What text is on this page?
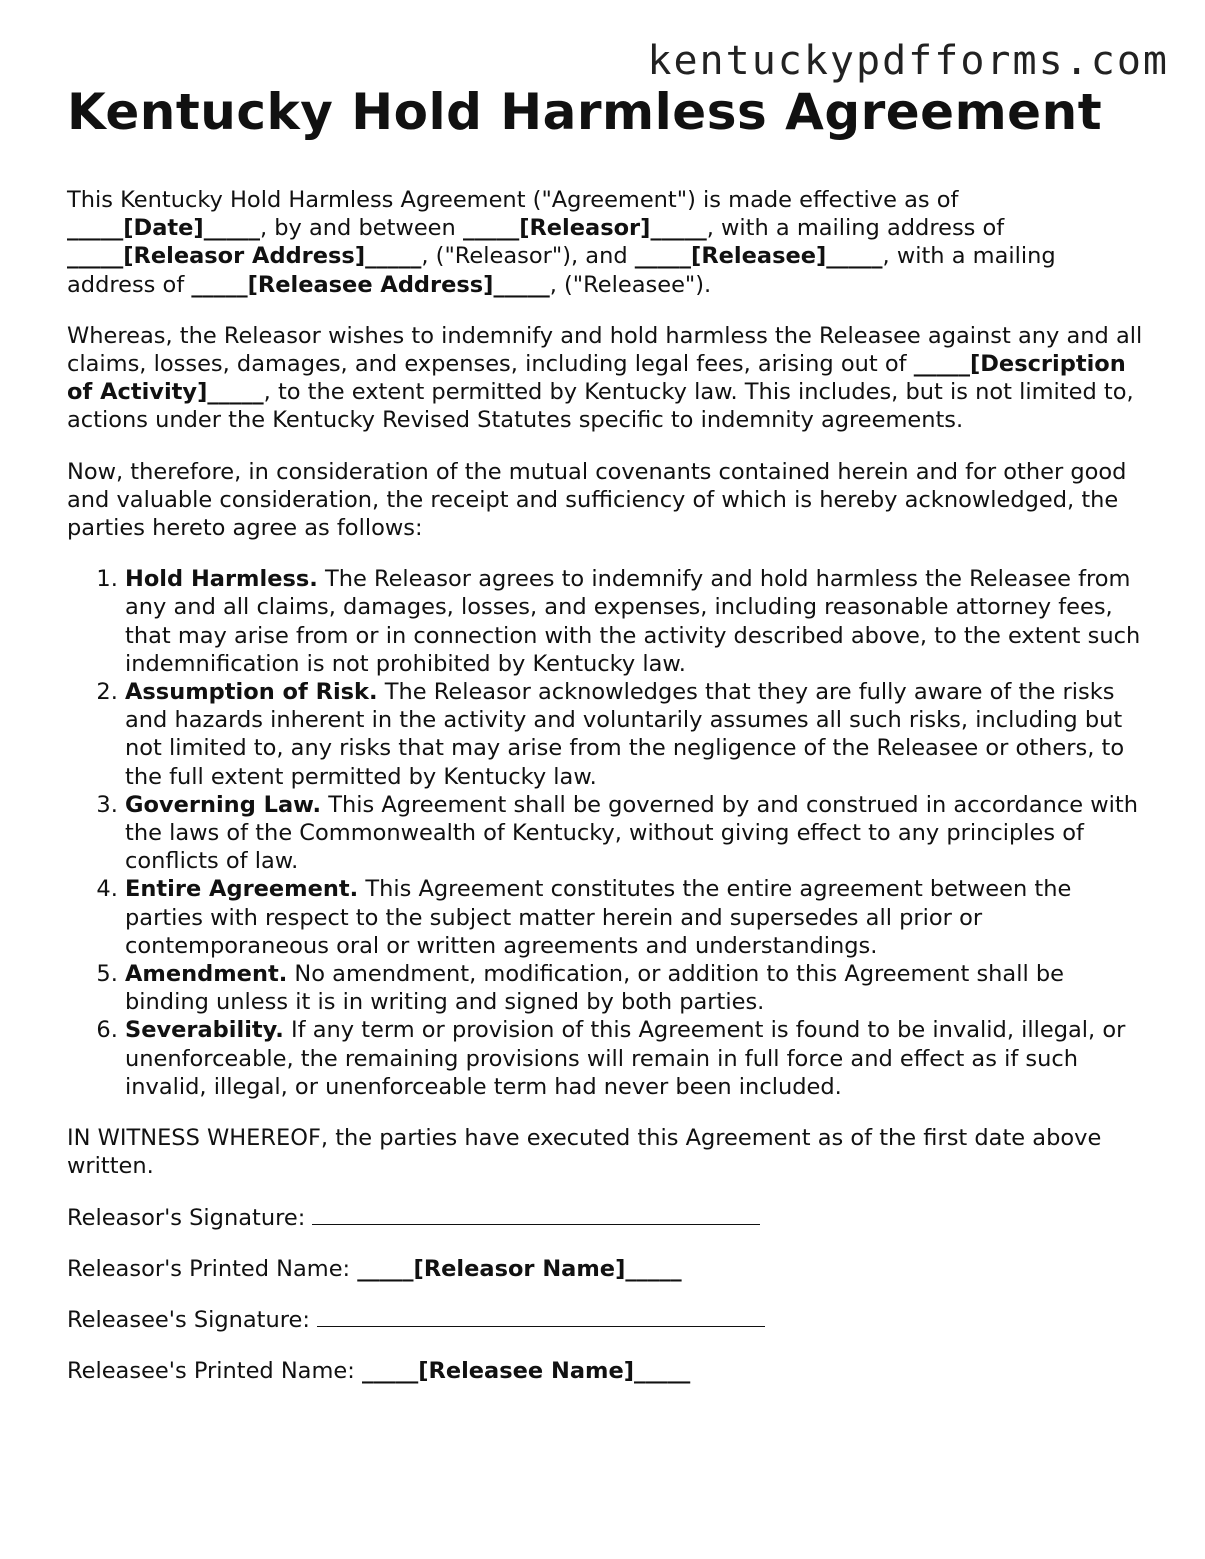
kentuckypdfforms.com
Kentucky Hold Harmless Agreement

This Kentucky Hold Harmless Agreement ("Agreement") is made effective as of _____[Date]_____, by and between _____[Releasor]_____, with a mailing address of _____[Releasor Address]_____, ("Releasor"), and _____[Releasee]_____, with a mailing address of _____[Releasee Address]_____, ("Releasee").

Whereas, the Releasor wishes to indemnify and hold harmless the Releasee against any and all claims, losses, damages, and expenses, including legal fees, arising out of _____[Description of Activity]_____, to the extent permitted by Kentucky law. This includes, but is not limited to, actions under the Kentucky Revised Statutes specific to indemnity agreements.

Now, therefore, in consideration of the mutual covenants contained herein and for other good and valuable consideration, the receipt and sufficiency of which is hereby acknowledged, the parties hereto agree as follows:

1. Hold Harmless. The Releasor agrees to indemnify and hold harmless the Releasee from any and all claims, damages, losses, and expenses, including reasonable attorney fees, that may arise from or in connection with the activity described above, to the extent such indemnification is not prohibited by Kentucky law.
2. Assumption of Risk. The Releasor acknowledges that they are fully aware of the risks and hazards inherent in the activity and voluntarily assumes all such risks, including but not limited to, any risks that may arise from the negligence of the Releasee or others, to the full extent permitted by Kentucky law.
3. Governing Law. This Agreement shall be governed by and construed in accordance with the laws of the Commonwealth of Kentucky, without giving effect to any principles of conflicts of law.
4. Entire Agreement. This Agreement constitutes the entire agreement between the parties with respect to the subject matter herein and supersedes all prior or contemporaneous oral or written agreements and understandings.
5. Amendment. No amendment, modification, or addition to this Agreement shall be binding unless it is in writing and signed by both parties.
6. Severability. If any term or provision of this Agreement is found to be invalid, illegal, or unenforceable, the remaining provisions will remain in full force and effect as if such invalid, illegal, or unenforceable term had never been included.

IN WITNESS WHEREOF, the parties have executed this Agreement as of the first date above written.

Releasor's Signature:
Releasor's Printed Name: _____[Releasor Name]_____
Releasee's Signature:
Releasee's Printed Name: _____[Releasee Name]_____
